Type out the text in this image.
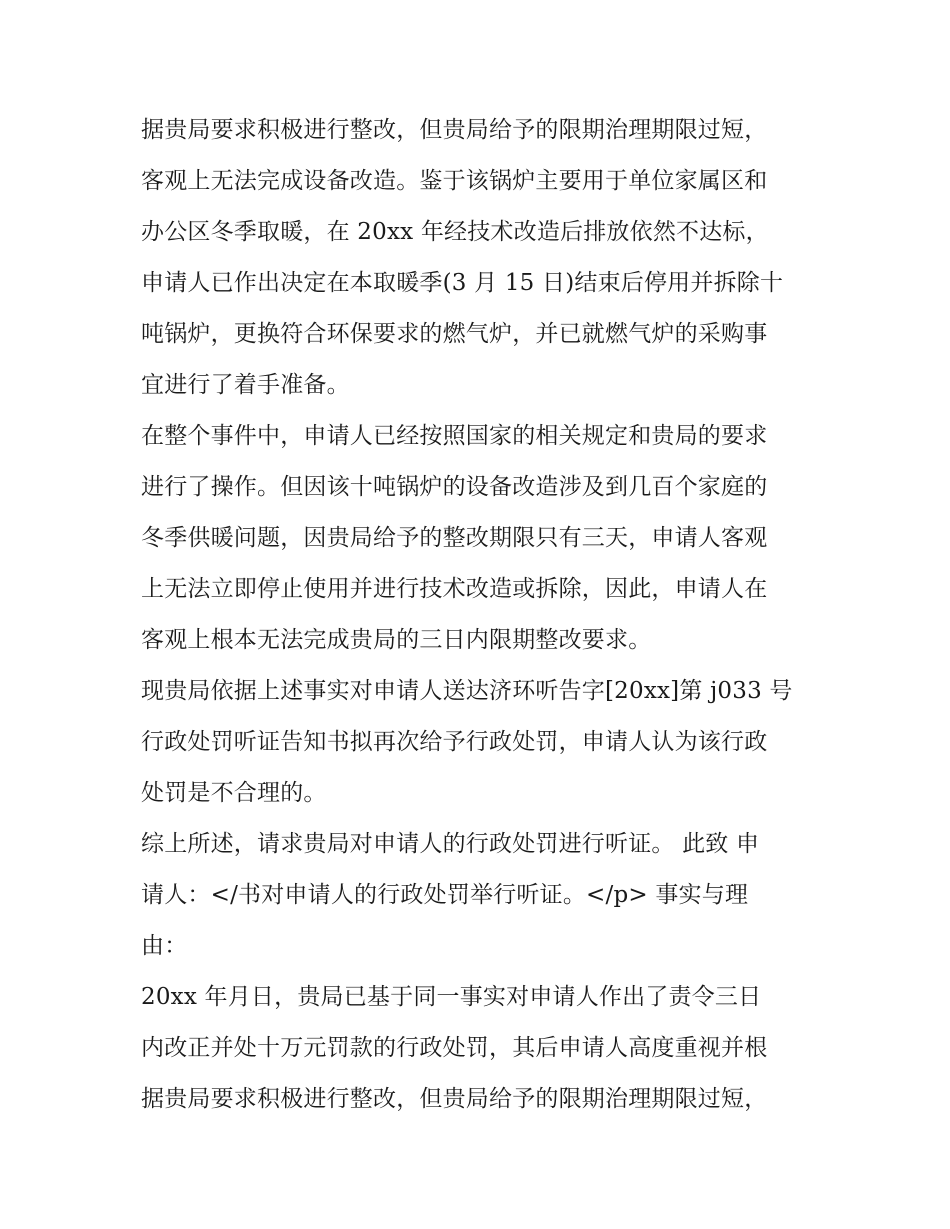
据贵局要求积极进行整改，但贵局给予的限期治理期限过短，
客观上无法完成设备改造。鉴于该锅炉主要用于单位家属区和
办公区冬季取暖，在 20xx 年经技术改造后排放依然不达标，
申请人已作出决定在本取暖季(3 月 15 日)结束后停用并拆除十
吨锅炉，更换符合环保要求的燃气炉，并已就燃气炉的采购事
宜进行了着手准备。
在整个事件中，申请人已经按照国家的相关规定和贵局的要求
进行了操作。但因该十吨锅炉的设备改造涉及到几百个家庭的
冬季供暖问题，因贵局给予的整改期限只有三天，申请人客观
上无法立即停止使用并进行技术改造或拆除，因此，申请人在
客观上根本无法完成贵局的三日内限期整改要求。
现贵局依据上述事实对申请人送达济环听告字[20xx]第 j033 号
行政处罚听证告知书拟再次给予行政处罚，申请人认为该行政
处罚是不合理的。
综上所述，请求贵局对申请人的行政处罚进行听证。 此致 申
请人：</书对申请人的行政处罚举行听证。</p> 事实与理
由：
20xx 年月日，贵局已基于同一事实对申请人作出了责令三日
内改正并处十万元罚款的行政处罚，其后申请人高度重视并根
据贵局要求积极进行整改，但贵局给予的限期治理期限过短，
